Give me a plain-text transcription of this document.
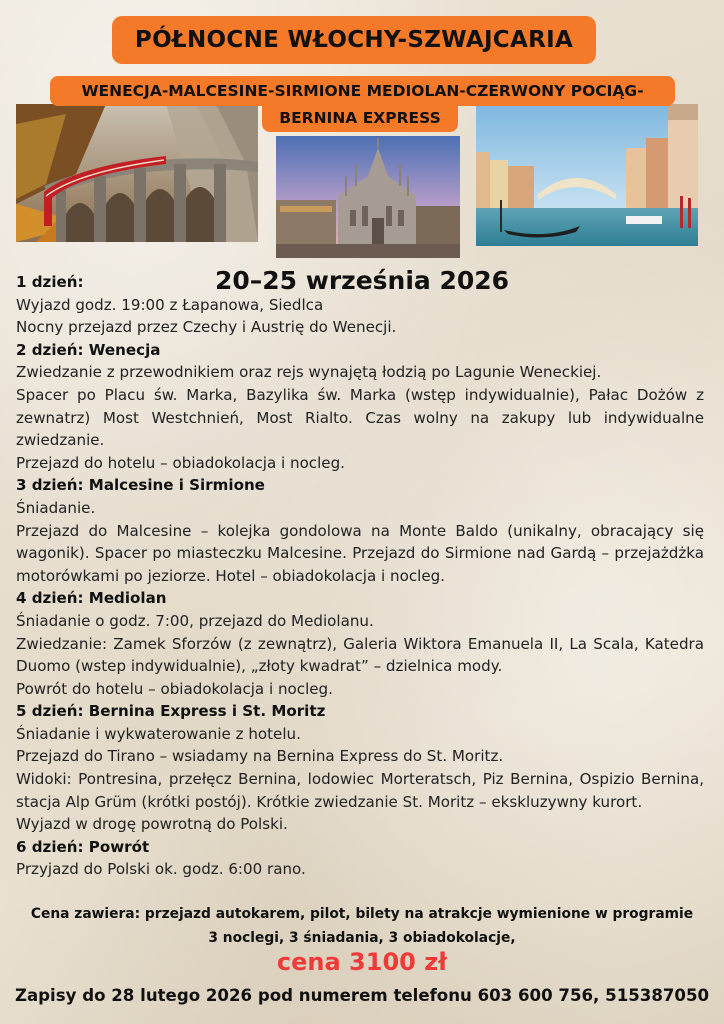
PÓŁNOCNE WŁOCHY-SZWAJCARIA
WENECJA-MALCESINE-SIRMIONE MEDIOLAN-CZERWONY POCIĄG-
BERNINA EXPRESS
20–25 września 2026

1 dzień:

Wyjazd godz. 19:00 z Łapanowa, Siedlca

Nocny przejazd przez Czechy i Austrię do Wenecji.

2 dzień: Wenecja

Zwiedzanie z przewodnikiem oraz rejs wynajętą łodzią po Lagunie Weneckiej.

Spacer po Placu św. Marka, Bazylika św. Marka (wstęp indywidualnie), Pałac Dożów z zewnatrz) Most Westchnień, Most Rialto. Czas wolny na zakupy lub indywidualne zwiedzanie.

Przejazd do hotelu – obiadokolacja i nocleg.

3 dzień: Malcesine i Sirmione

Śniadanie.

Przejazd do Malcesine – kolejka gondolowa na Monte Baldo (unikalny, obracający się wagonik). Spacer po miasteczku Malcesine. Przejazd do Sirmione nad Gardą – przejażdżka motorówkami po jeziorze. Hotel – obiadokolacja i nocleg.

4 dzień: Mediolan

Śniadanie o godz. 7:00, przejazd do Mediolanu.

Zwiedzanie: Zamek Sforzów (z zewnątrz), Galeria Wiktora Emanuela II, La Scala, Katedra Duomo (wstep indywidualnie), „złoty kwadrat” – dzielnica mody.

Powrót do hotelu – obiadokolacja i nocleg.

5 dzień: Bernina Express i St. Moritz

Śniadanie i wykwaterowanie z hotelu.

Przejazd do Tirano – wsiadamy na Bernina Express do St. Moritz.

Widoki: Pontresina, przełęcz Bernina, lodowiec Morteratsch, Piz Bernina, Ospizio Bernina, stacja Alp Grüm (krótki postój). Krótkie zwiedzanie St. Moritz – ekskluzywny kurort.

Wyjazd w drogę powrotną do Polski.

6 dzień: Powrót

Przyjazd do Polski ok. godz. 6:00 rano.

Cena zawiera: przejazd autokarem, pilot, bilety na atrakcje wymienione w programie
3 noclegi, 3 śniadania, 3 obiadokolacje,
cena 3100 zł
Zapisy do 28 lutego 2026 pod numerem telefonu 603 600 756, 515387050
